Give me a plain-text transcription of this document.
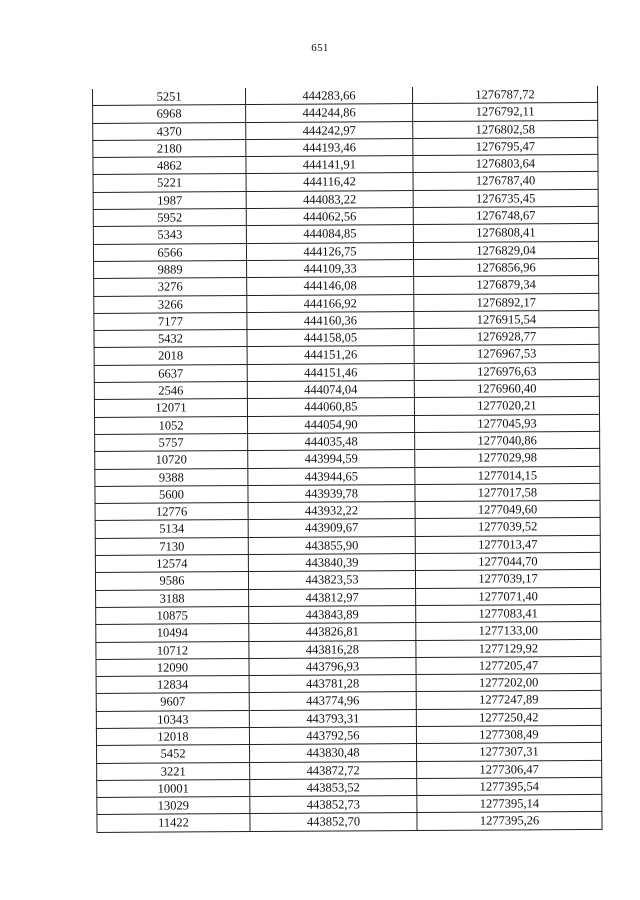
651
5251	444283,66	1276787,72
6968	444244,86	1276792,11
4370	444242,97	1276802,58
2180	444193,46	1276795,47
4862	444141,91	1276803,64
5221	444116,42	1276787,40
1987	444083,22	1276735,45
5952	444062,56	1276748,67
5343	444084,85	1276808,41
6566	444126,75	1276829,04
9889	444109,33	1276856,96
3276	444146,08	1276879,34
3266	444166,92	1276892,17
7177	444160,36	1276915,54
5432	444158,05	1276928,77
2018	444151,26	1276967,53
6637	444151,46	1276976,63
2546	444074,04	1276960,40
12071	444060,85	1277020,21
1052	444054,90	1277045,93
5757	444035,48	1277040,86
10720	443994,59	1277029,98
9388	443944,65	1277014,15
5600	443939,78	1277017,58
12776	443932,22	1277049,60
5134	443909,67	1277039,52
7130	443855,90	1277013,47
12574	443840,39	1277044,70
9586	443823,53	1277039,17
3188	443812,97	1277071,40
10875	443843,89	1277083,41
10494	443826,81	1277133,00
10712	443816,28	1277129,92
12090	443796,93	1277205,47
12834	443781,28	1277202,00
9607	443774,96	1277247,89
10343	443793,31	1277250,42
12018	443792,56	1277308,49
5452	443830,48	1277307,31
3221	443872,72	1277306,47
10001	443853,52	1277395,54
13029	443852,73	1277395,14
11422	443852,70	1277395,26
